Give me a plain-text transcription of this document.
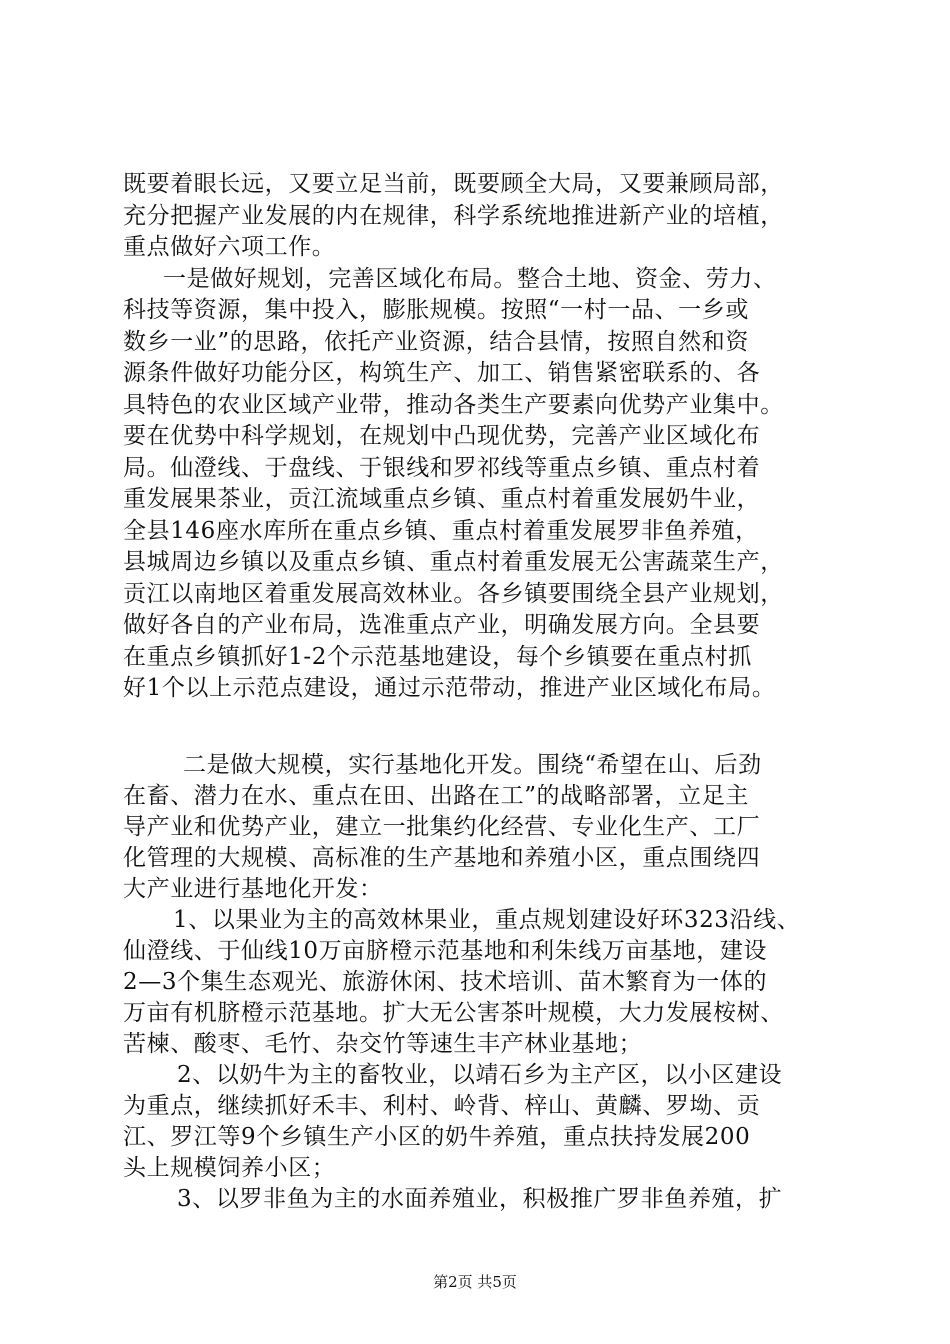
既要着眼长远，又要立足当前，既要顾全大局，又要兼顾局部，
充分把握产业发展的内在规律，科学系统地推进新产业的培植，
重点做好六项工作。
一是做好规划，完善区域化布局。整合土地、资金、劳力、
科技等资源，集中投入，膨胀规模。按照“一村一品、一乡或
数乡一业”的思路，依托产业资源，结合县情，按照自然和资
源条件做好功能分区，构筑生产、加工、销售紧密联系的、各
具特色的农业区域产业带，推动各类生产要素向优势产业集中。
要在优势中科学规划，在规划中凸现优势，完善产业区域化布
局。仙澄线、于盘线、于银线和罗祁线等重点乡镇、重点村着
重发展果茶业，贡江流域重点乡镇、重点村着重发展奶牛业，
全县146座水库所在重点乡镇、重点村着重发展罗非鱼养殖，
县城周边乡镇以及重点乡镇、重点村着重发展无公害蔬菜生产，
贡江以南地区着重发展高效林业。各乡镇要围绕全县产业规划，
做好各自的产业布局，选准重点产业，明确发展方向。全县要
在重点乡镇抓好1-2个示范基地建设，每个乡镇要在重点村抓
好1个以上示范点建设，通过示范带动，推进产业区域化布局。
二是做大规模，实行基地化开发。围绕“希望在山、后劲
在畜、潜力在水、重点在田、出路在工”的战略部署，立足主
导产业和优势产业，建立一批集约化经营、专业化生产、工厂
化管理的大规模、高标准的生产基地和养殖小区，重点围绕四
大产业进行基地化开发：
1、以果业为主的高效林果业，重点规划建设好环323沿线、
仙澄线、于仙线10万亩脐橙示范基地和利朱线万亩基地，建设
2—3个集生态观光、旅游休闲、技术培训、苗木繁育为一体的
万亩有机脐橙示范基地。扩大无公害茶叶规模，大力发展桉树、
苦楝、酸枣、毛竹、杂交竹等速生丰产林业基地；
2、以奶牛为主的畜牧业，以靖石乡为主产区，以小区建设
为重点，继续抓好禾丰、利村、岭背、梓山、黄麟、罗坳、贡
江、罗江等9个乡镇生产小区的奶牛养殖，重点扶持发展200
头上规模饲养小区；
3、以罗非鱼为主的水面养殖业，积极推广罗非鱼养殖，扩
第2页 共5页
